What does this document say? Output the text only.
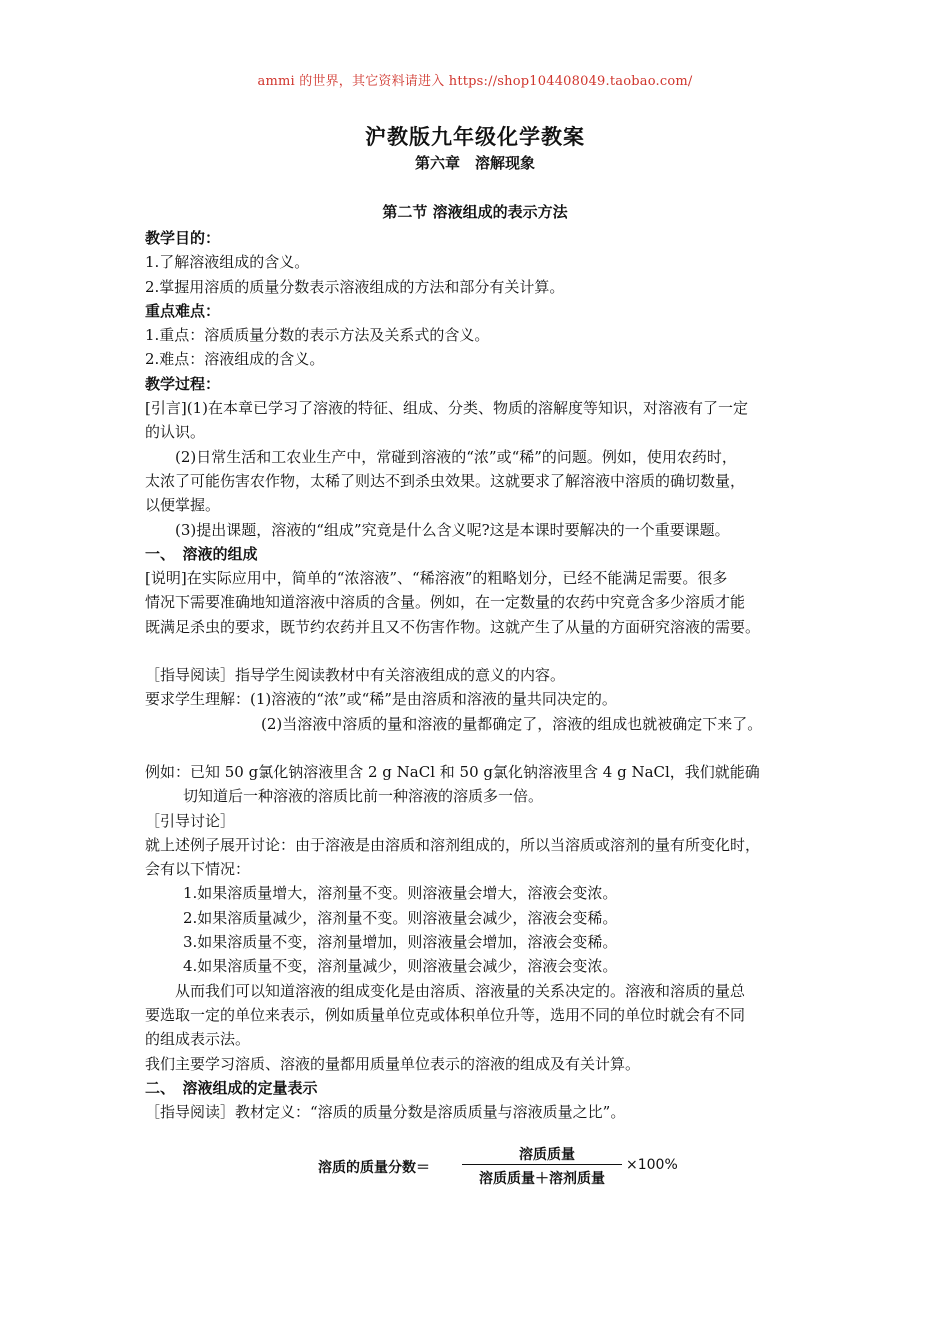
ammi 的世界，其它资料请进入 https://shop104408049.taobao.com/
沪教版九年级化学教案
第六章　溶解现象
第二节 溶液组成的表示方法
教学目的：
1.了解溶液组成的含义。
2.掌握用溶质的质量分数表示溶液组成的方法和部分有关计算。
重点难点：
1.重点：溶质质量分数的表示方法及关系式的含义。
2.难点：溶液组成的含义。
教学过程：
[引言](1)在本章已学习了溶液的特征、组成、分类、物质的溶解度等知识，对溶液有了一定
的认识。
(2)日常生活和工农业生产中，常碰到溶液的“浓”或“稀”的问题。例如，使用农药时，
太浓了可能伤害农作物，太稀了则达不到杀虫效果。这就要求了解溶液中溶质的确切数量，
以便掌握。
(3)提出课题，溶液的“组成”究竟是什么含义呢?这是本课时要解决的一个重要课题。
一、　溶液的组成
[说明]在实际应用中，简单的“浓溶液”、“稀溶液”的粗略划分，已经不能满足需要。很多
情况下需要准确地知道溶液中溶质的含量。例如，在一定数量的农药中究竟含多少溶质才能
既满足杀虫的要求，既节约农药并且又不伤害作物。这就产生了从量的方面研究溶液的需要。
［指导阅读］指导学生阅读教材中有关溶液组成的意义的内容。
要求学生理解：(1)溶液的“浓”或“稀”是由溶质和溶液的量共同决定的。
(2)当溶液中溶质的量和溶液的量都确定了，溶液的组成也就被确定下来了。
例如：已知 50 g氯化钠溶液里含 2 g NaCl 和 50 g氯化钠溶液里含 4 g NaCl，我们就能确
切知道后一种溶液的溶质比前一种溶液的溶质多一倍。
［引导讨论］
就上述例子展开讨论：由于溶液是由溶质和溶剂组成的，所以当溶质或溶剂的量有所变化时，
会有以下情况：
1.如果溶质量增大，溶剂量不变。则溶液量会增大，溶液会变浓。
2.如果溶质量减少，溶剂量不变。则溶液量会减少，溶液会变稀。
3.如果溶质量不变，溶剂量增加，则溶液量会增加，溶液会变稀。
4.如果溶质量不变，溶剂量减少，则溶液量会减少，溶液会变浓。
从而我们可以知道溶液的组成变化是由溶质、溶液量的关系决定的。溶液和溶质的量总
要选取一定的单位来表示，例如质量单位克或体积单位升等，选用不同的单位时就会有不同
的组成表示法。
我们主要学习溶质、溶液的量都用质量单位表示的溶液的组成及有关计算。
二、　溶液组成的定量表示
［指导阅读］教材定义：“溶质的质量分数是溶质质量与溶液质量之比”。
溶质的质量分数＝
溶质质量
溶质质量＋溶剂质量
×100%
